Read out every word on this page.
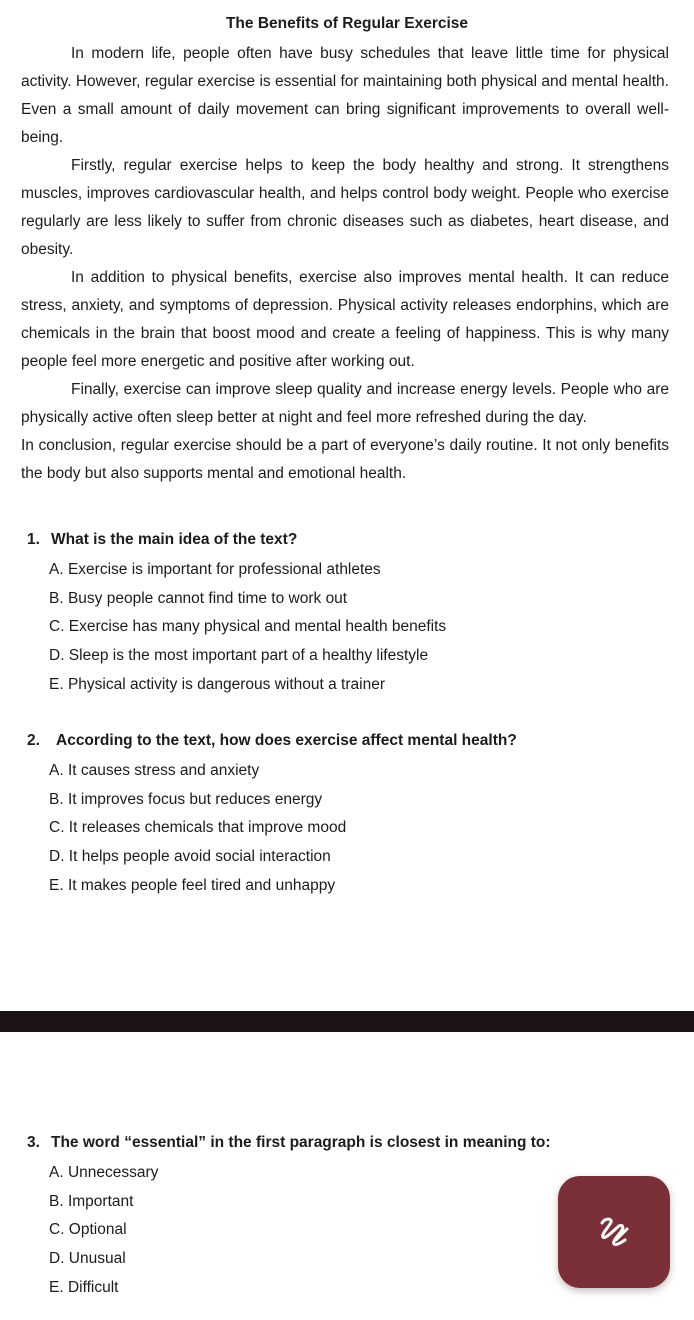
The Benefits of Regular Exercise

In modern life, people often have busy schedules that leave little time for physical activity. However, regular exercise is essential for maintaining both physical and mental health. Even a small amount of daily movement can bring significant improvements to overall well-being.

Firstly, regular exercise helps to keep the body healthy and strong. It strengthens muscles, improves cardiovascular health, and helps control body weight. People who exercise regularly are less likely to suffer from chronic diseases such as diabetes, heart disease, and obesity.

In addition to physical benefits, exercise also improves mental health. It can reduce stress, anxiety, and symptoms of depression. Physical activity releases endorphins, which are chemicals in the brain that boost mood and create a feeling of happiness. This is why many people feel more energetic and positive after working out.

Finally, exercise can improve sleep quality and increase energy levels. People who are physically active often sleep better at night and feel more refreshed during the day.

In conclusion, regular exercise should be a part of everyone’s daily routine. It not only benefits the body but also supports mental and emotional health.

1. What is the main idea of the text?
A. Exercise is important for professional athletes
B. Busy people cannot find time to work out
C. Exercise has many physical and mental health benefits
D. Sleep is the most important part of a healthy lifestyle
E. Physical activity is dangerous without a trainer
2. According to the text, how does exercise affect mental health?
A. It causes stress and anxiety
B. It improves focus but reduces energy
C. It releases chemicals that improve mood
D. It helps people avoid social interaction
E. It makes people feel tired and unhappy
3. The word “essential” in the first paragraph is closest in meaning to:
A. Unnecessary
B. Important
C. Optional
D. Unusual
E. Difficult
